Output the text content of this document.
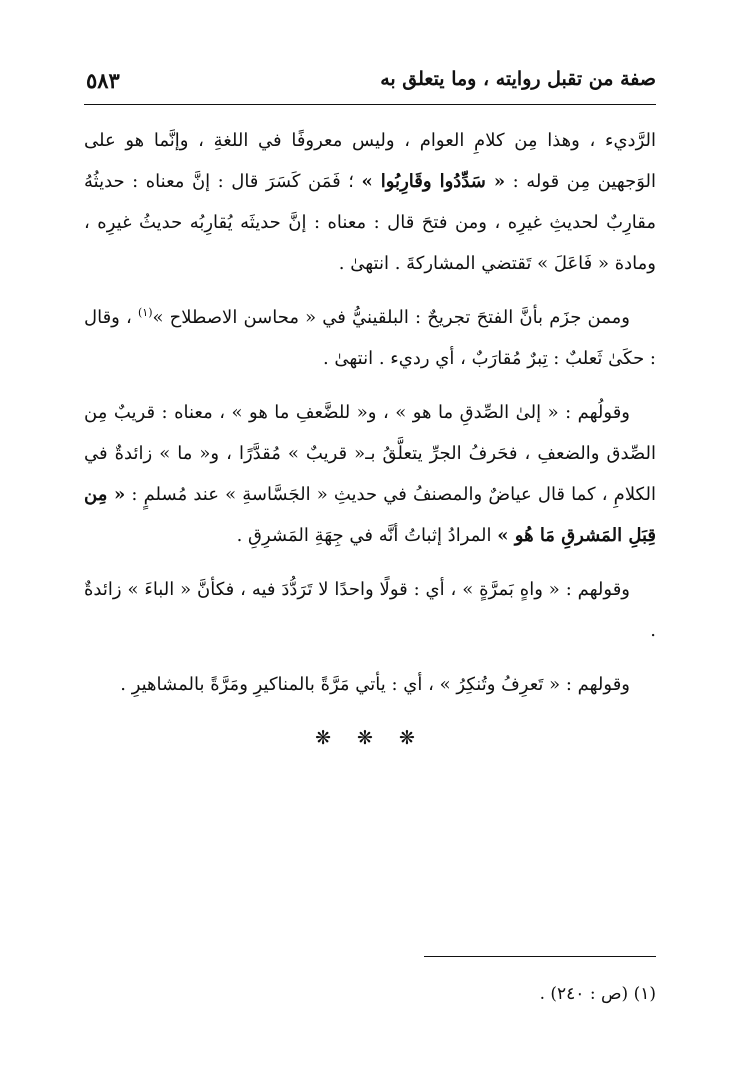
صفة من تقبل روايته ، وما يتعلق به
٥٨٣

الرَّديء ، وهذا مِن كلامِ العوام ، وليس معروفًا في اللغةِ ، وإنَّما هو على الوَجهين مِن قوله : « سَدِّدُوا وقَارِبُوا » ؛ فَمَن كَسَرَ قال : إنَّ معناه : حديثُهُ مقارِبٌ لحديثِ غيرِه ، ومن فتحَ قال : معناه : إنَّ حديثَه يُقارِبُه حديثُ غيرِه ، ومادة « فَاعَلَ » تَقتضي المشاركةَ . انتهىٰ .

وممن جزَم بأنَّ الفتحَ تجريحٌ : البلقينيُّ في « محاسن الاصطلاح »$^{(١)}$ ، وقال : حكَىٰ ثَعلبٌ : تِبرٌ مُقارَبٌ ، أي رديء . انتهىٰ .

وقولُهم : « إلىٰ الصِّدقِ ما هو » ، و« للضَّعفِ ما هو » ، معناه : قريبٌ مِن الصِّدق والضعفِ ، فحَرفُ الجرِّ يتعلَّقُ بـ« قريبٌ » مُقدَّرًا ، و« ما » زائدةٌ في الكلامِ ، كما قال عياضٌ والمصنفُ في حديثِ « الجَسَّاسةِ » عند مُسلمٍ : « مِن قِبَلِ المَشرقِ مَا هُو » المرادُ إثباتُ أنَّه في جِهَةِ المَشرِقِ .

وقولهم : « واهٍ بَمرَّةٍ » ، أي : قولًا واحدًا لا تَرَدُّدَ فيه ، فكأنَّ « الباءَ » زائدةٌ .

وقولهم : « تَعرِفُ وتُنكِرُ » ، أي : يأتي مَرَّةً بالمناكيرِ ومَرَّةً بالمشاهيرِ .

❋ ❋ ❋
(١) (ص : ٢٤٠) .
